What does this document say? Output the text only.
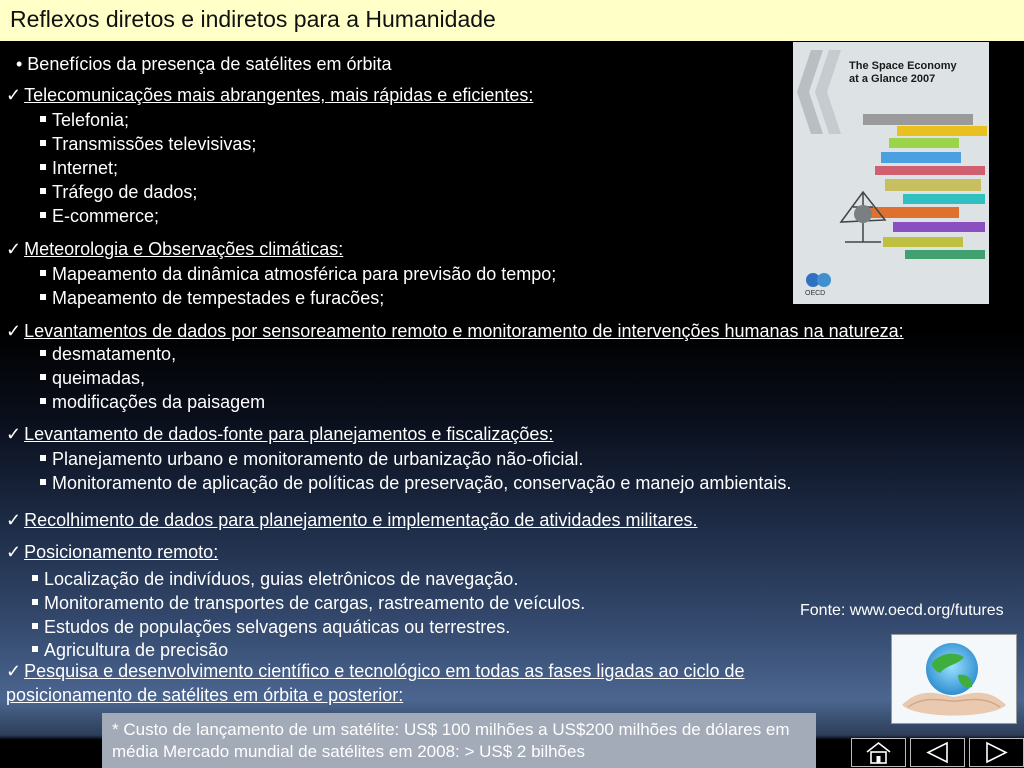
Reflexos diretos e indiretos para a Humanidade
• Benefícios da presença de satélites em órbita
✓ Telecomunicações mais abrangentes, mais rápidas e eficientes:
Telefonia;
Transmissões televisivas;
Internet;
Tráfego de dados;
E-commerce;
✓ Meteorologia e Observações climáticas:
Mapeamento da dinâmica atmosférica para previsão do tempo;
Mapeamento de tempestades e furacões;
✓ Levantamentos de dados por sensoreamento remoto e monitoramento de intervenções humanas na natureza:
desmatamento,
queimadas,
modificações da paisagem
✓ Levantamento de dados-fonte para planejamentos e fiscalizações:
Planejamento urbano e monitoramento de urbanização não-oficial.
Monitoramento de aplicação de políticas de preservação, conservação e manejo ambientais.
✓ Recolhimento de dados para planejamento e implementação de atividades militares.
✓ Posicionamento remoto:
Localização de indivíduos, guias eletrônicos de navegação.
Monitoramento de transportes de cargas, rastreamento de veículos.
Estudos de populações selvagens aquáticas ou terrestres.
Agricultura de precisão
✓ Pesquisa e desenvolvimento científico e tecnológico em todas as fases ligadas ao ciclo de
posicionamento de satélites em órbita e posterior:
The Space Economy
at a Glance 2007
OECD
Fonte: www.oecd.org/futures
* Custo de lançamento de um satélite: US$ 100 milhões a US$200 milhões de dólares em média Mercado mundial de satélites em 2008: > US$ 2 bilhões
